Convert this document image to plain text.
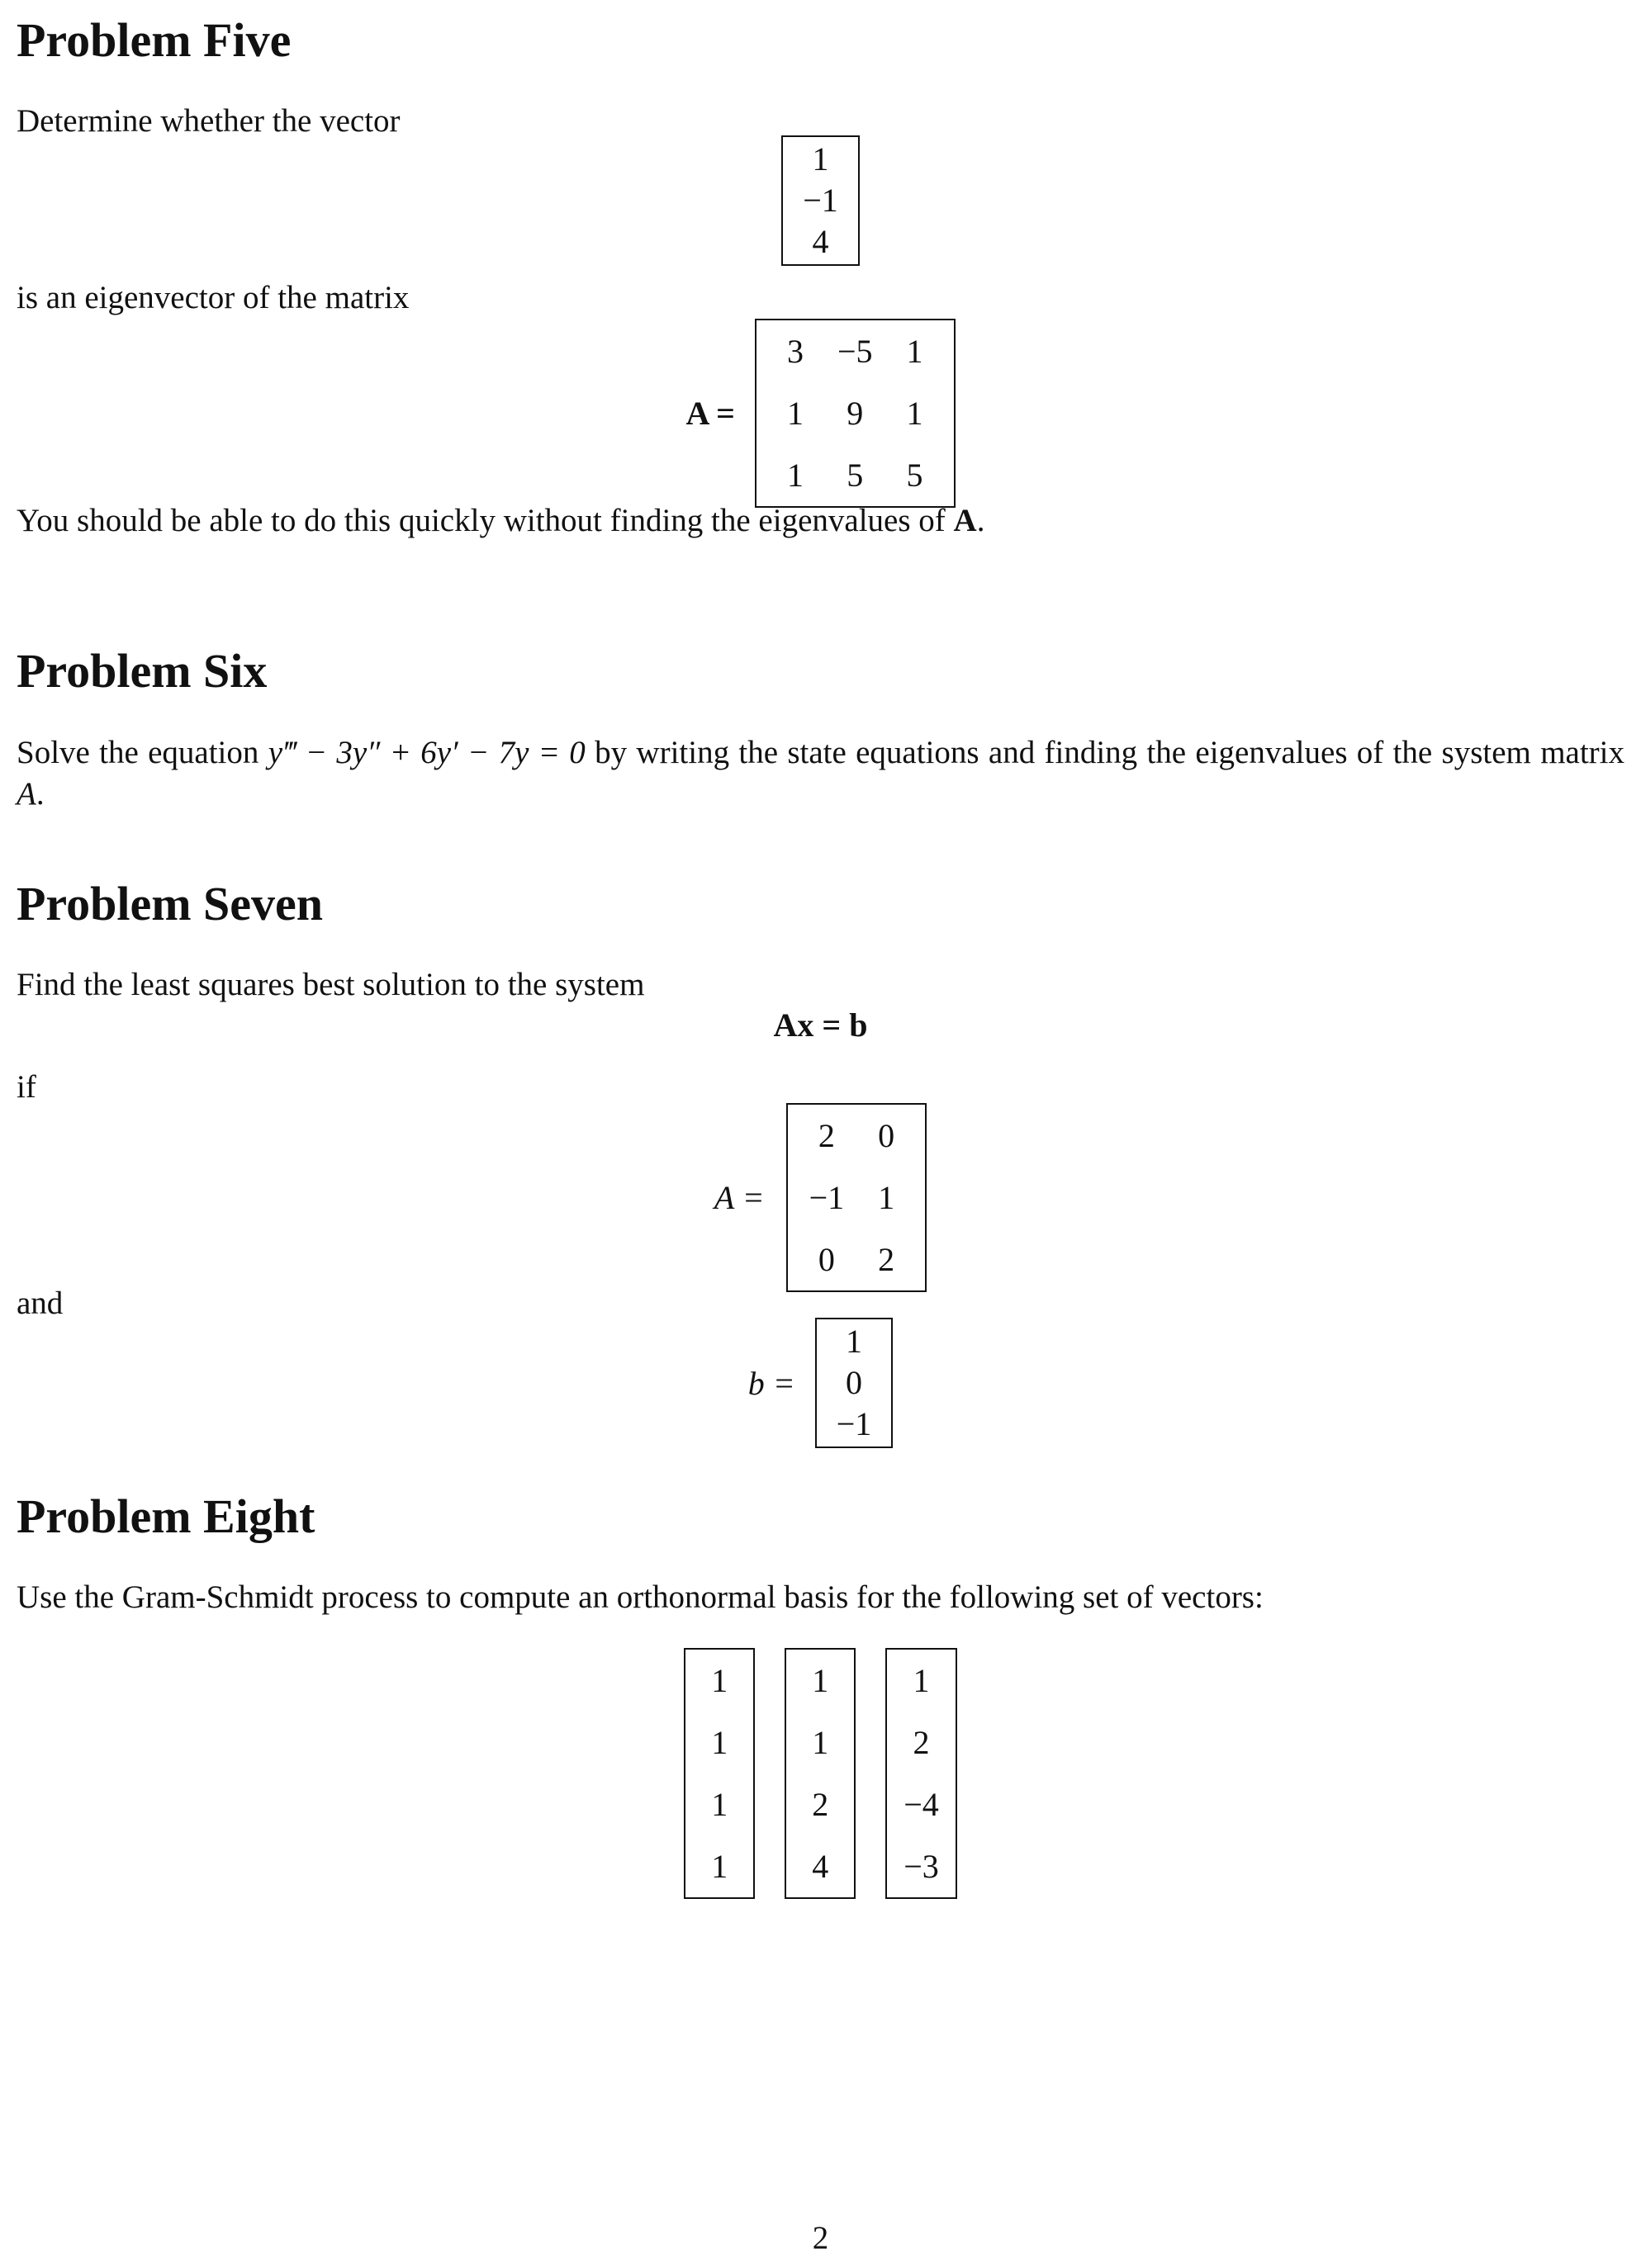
Problem Five
Determine whether the vector
1
−1
4
is an eigenvector of the matrix
A =
3
1
1
−5
9
5
1
1
5
You should be able to do this quickly without finding the eigenvalues of A.
Problem Six
Solve the equation y‴ − 3y″ + 6y′ − 7y = 0 by writing the state equations and finding the eigenvalues of the system matrix A.
Problem Seven
Find the least squares best solution to the system
Ax = b
if
A =
2
−1
0
0
1
2
and
b =
1
0
−1
Problem Eight
Use the Gram-Schmidt process to compute an orthonormal basis for the following set of vectors:
1
1
1
1
1
1
2
4
1
2
−4
−3
2
